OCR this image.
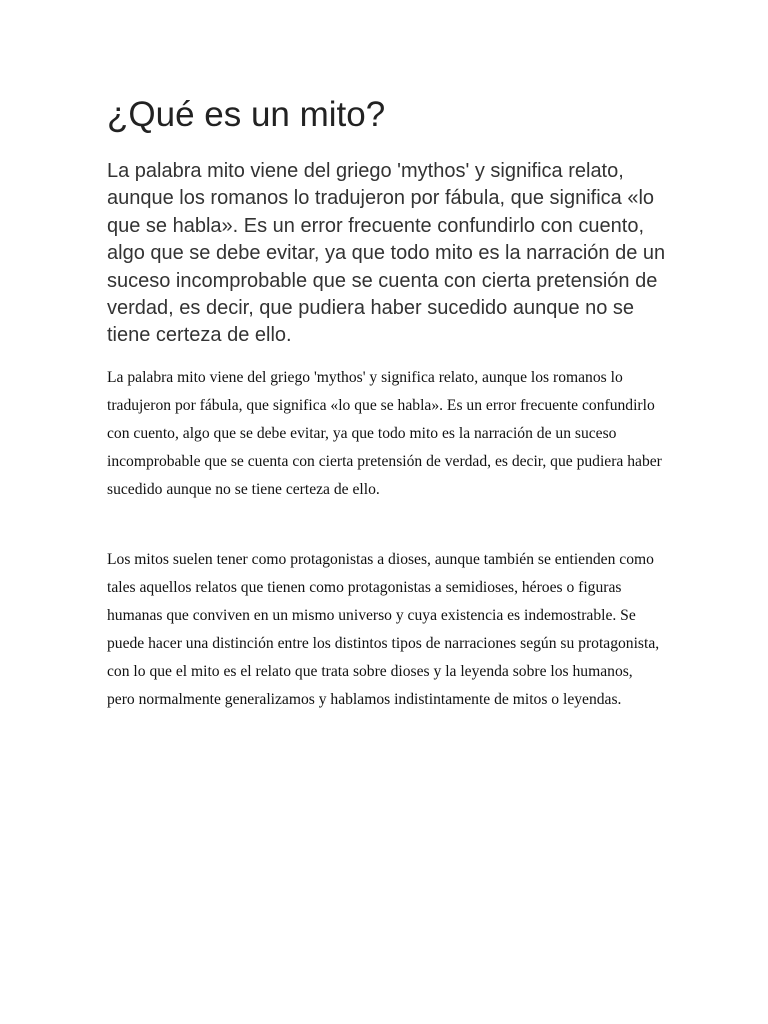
¿Qué es un mito?

La palabra mito viene del griego 'mythos' y significa relato, aunque los romanos lo tradujeron por fábula, que significa «lo que se habla». Es un error frecuente confundirlo con cuento, algo que se debe evitar, ya que todo mito es la narración de un suceso incomprobable que se cuenta con cierta pretensión de verdad, es decir, que pudiera haber sucedido aunque no se tiene certeza de ello.

La palabra mito viene del griego 'mythos' y significa relato, aunque los romanos lo tradujeron por fábula, que significa «lo que se habla». Es un error frecuente confundirlo con cuento, algo que se debe evitar, ya que todo mito es la narración de un suceso incomprobable que se cuenta con cierta pretensión de verdad, es decir, que pudiera haber sucedido aunque no se tiene certeza de ello.

Los mitos suelen tener como protagonistas a dioses, aunque también se entienden como tales aquellos relatos que tienen como protagonistas a semidioses, héroes o figuras humanas que conviven en un mismo universo y cuya existencia es indemostrable. Se puede hacer una distinción entre los distintos tipos de narraciones según su protagonista, con lo que el mito es el relato que trata sobre dioses y la leyenda sobre los humanos, pero normalmente generalizamos y hablamos indistintamente de mitos o leyendas.
